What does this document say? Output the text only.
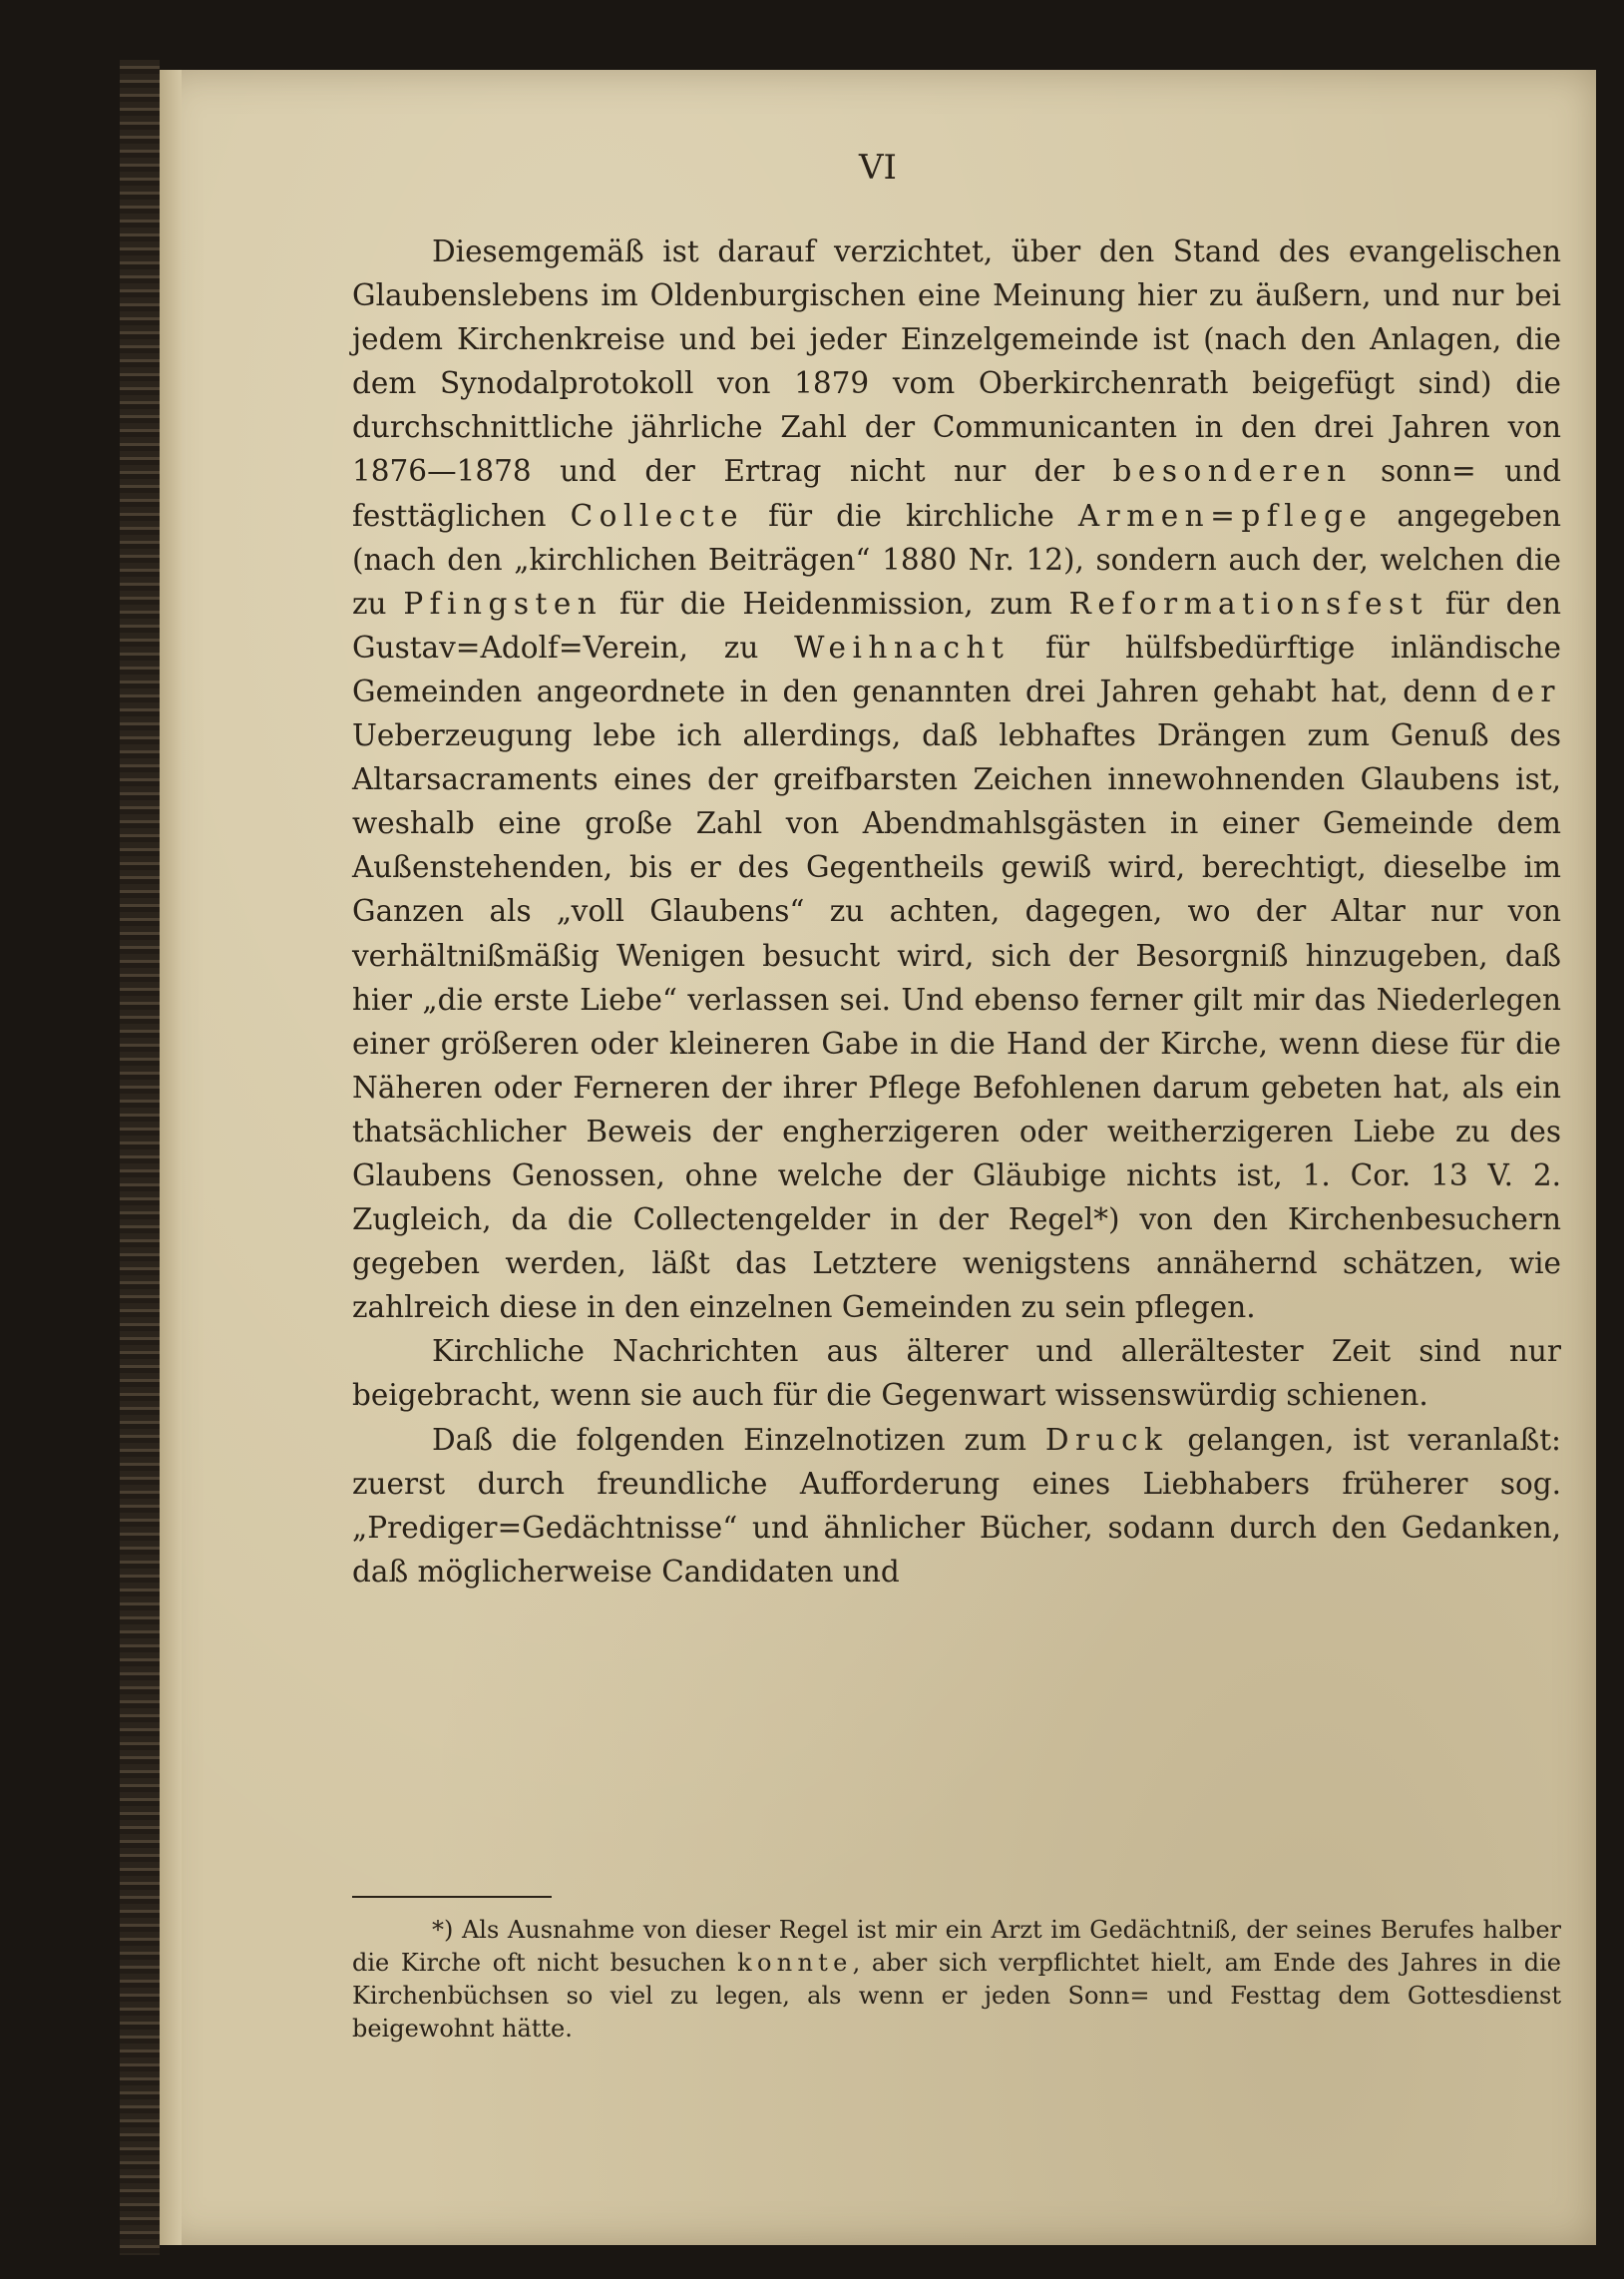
VI

Diesemgemäß ist darauf verzichtet, über den Stand des evangelischen Glaubenslebens im Oldenburgischen eine Meinung hier zu äußern, und nur bei jedem Kirchenkreise und bei jeder Einzelgemeinde ist (nach den Anlagen, die dem Synodalprotokoll von 1879 vom Oberkirchenrath beigefügt sind) die durchschnittliche jährliche Zahl der Communicanten in den drei Jahren von 1876—1878 und der Ertrag nicht nur der besonderen sonn= und festtäglichen Collecte für die kirchliche Armen=pflege angegeben (nach den „kirchlichen Beiträgen“ 1880 Nr. 12), sondern auch der, welchen die zu Pfingsten für die Heidenmission, zum Reformationsfest für den Gustav=Adolf=Verein, zu Weihnacht für hülfsbedürftige inländische Gemeinden angeordnete in den genannten drei Jahren gehabt hat, denn der Ueberzeugung lebe ich allerdings, daß lebhaftes Drängen zum Genuß des Altarsacraments eines der greifbarsten Zeichen innewohnenden Glaubens ist, weshalb eine große Zahl von Abendmahlsgästen in einer Gemeinde dem Außenstehenden, bis er des Gegentheils gewiß wird, berechtigt, dieselbe im Ganzen als „voll Glaubens“ zu achten, dagegen, wo der Altar nur von verhältnißmäßig Wenigen besucht wird, sich der Besorgniß hinzugeben, daß hier „die erste Liebe“ verlassen sei. Und ebenso ferner gilt mir das Niederlegen einer größeren oder kleineren Gabe in die Hand der Kirche, wenn diese für die Näheren oder Ferneren der ihrer Pflege Befohlenen darum gebeten hat, als ein thatsächlicher Beweis der engherzigeren oder weitherzigeren Liebe zu des Glaubens Genossen, ohne welche der Gläubige nichts ist, 1. Cor. 13 V. 2. Zugleich, da die Collectengelder in der Regel*) von den Kirchenbesuchern gegeben werden, läßt das Letztere wenigstens annähernd schätzen, wie zahlreich diese in den einzelnen Gemeinden zu sein pflegen.

Kirchliche Nachrichten aus älterer und allerältester Zeit sind nur beigebracht, wenn sie auch für die Gegenwart wissenswürdig schienen.

Daß die folgenden Einzelnotizen zum Druck gelangen, ist veranlaßt: zuerst durch freundliche Aufforderung eines Liebhabers früherer sog. „Prediger=Gedächtnisse“ und ähnlicher Bücher, sodann durch den Gedanken, daß möglicherweise Candidaten und

*) Als Ausnahme von dieser Regel ist mir ein Arzt im Gedächtniß, der seines Berufes halber die Kirche oft nicht besuchen konnte, aber sich verpflichtet hielt, am Ende des Jahres in die Kirchenbüchsen so viel zu legen, als wenn er jeden Sonn= und Festtag dem Gottesdienst beigewohnt hätte.
